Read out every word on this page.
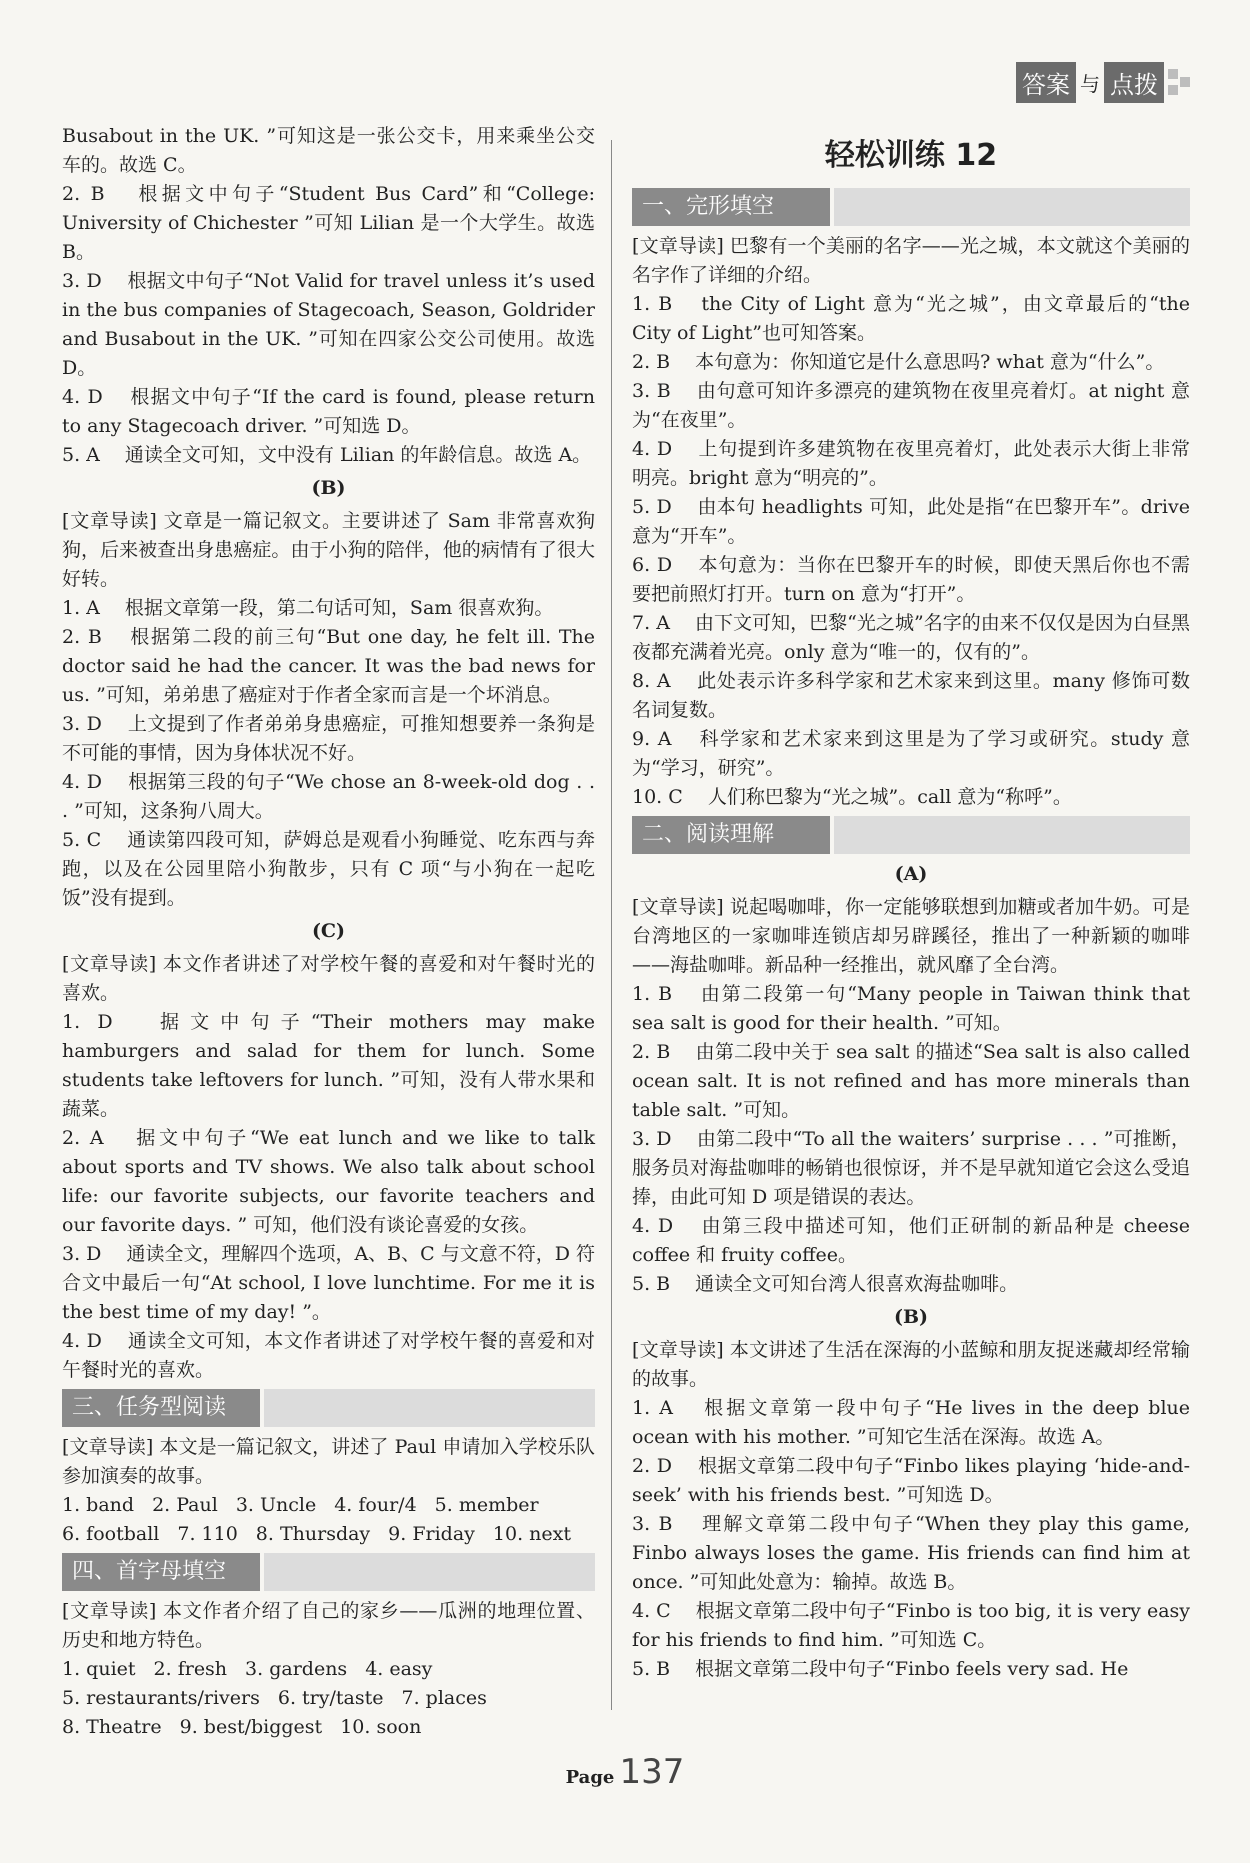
答案 与 点拨

Busabout in the UK. ”可知这是一张公交卡，用来乘坐公交车的。故选 C。

2. B 　根据文中句子“Student Bus Card”和“College: University of Chichester ”可知 Lilian 是一个大学生。故选 B。

3. D 　根据文中句子“Not Valid for travel unless it’s used in the bus companies of Stagecoach, Season, Goldrider and Busabout in the UK. ”可知在四家公交公司使用。故选 D。

4. D 　根据文中句子“If the card is found, please return to any Stagecoach driver. ”可知选 D。

5. A 　通读全文可知，文中没有 Lilian 的年龄信息。故选 A。

(B)

[文章导读] 文章是一篇记叙文。主要讲述了 Sam 非常喜欢狗狗，后来被查出身患癌症。由于小狗的陪伴，他的病情有了很大好转。

1. A 　根据文章第一段，第二句话可知，Sam 很喜欢狗。

2. B 　根据第二段的前三句“But one day, he felt ill. The doctor said he had the cancer. It was the bad news for us. ”可知，弟弟患了癌症对于作者全家而言是一个坏消息。

3. D 　上文提到了作者弟弟身患癌症，可推知想要养一条狗是不可能的事情，因为身体状况不好。

4. D 　根据第三段的句子“We chose an 8-week-old dog . . . ”可知，这条狗八周大。

5. C 　通读第四段可知，萨姆总是观看小狗睡觉、吃东西与奔跑，以及在公园里陪小狗散步，只有 C 项“与小狗在一起吃饭”没有提到。

(C)

[文章导读] 本文作者讲述了对学校午餐的喜爱和对午餐时光的喜欢。

1. D 　据文中句子“Their mothers may make hamburgers and salad for them for lunch. Some students take leftovers for lunch. ”可知，没有人带水果和蔬菜。

2. A 　据文中句子“We eat lunch and we like to talk about sports and TV shows. We also talk about school life: our favorite subjects, our favorite teachers and our favorite days. ” 可知，他们没有谈论喜爱的女孩。

3. D 　通读全文，理解四个选项，A、B、C 与文意不符，D 符合文中最后一句“At school, I love lunchtime. For me it is the best time of my day! ”。

4. D 　通读全文可知，本文作者讲述了对学校午餐的喜爱和对午餐时光的喜欢。

三、任务型阅读

[文章导读] 本文是一篇记叙文，讲述了 Paul 申请加入学校乐队参加演奏的故事。

1. band 2. Paul 3. Uncle 4. four/4 5. member
6. football 7. 110 8. Thursday 9. Friday 10. next
四、首字母填空

[文章导读] 本文作者介绍了自己的家乡——瓜洲的地理位置、历史和地方特色。

1. quiet 2. fresh 3. gardens 4. easy
5. restaurants/rivers 6. try/taste 7. places
8. Theatre 9. best/biggest 10. soon
轻松训练 12
一、完形填空

[文章导读] 巴黎有一个美丽的名字——光之城，本文就这个美丽的名字作了详细的介绍。

1. B 　the City of Light 意为“光之城”，由文章最后的“the City of Light”也可知答案。

2. B 　本句意为：你知道它是什么意思吗? what 意为“什么”。

3. B 　由句意可知许多漂亮的建筑物在夜里亮着灯。at night 意为“在夜里”。

4. D 　上句提到许多建筑物在夜里亮着灯，此处表示大街上非常明亮。bright 意为“明亮的”。

5. D 　由本句 headlights 可知，此处是指“在巴黎开车”。drive 意为“开车”。

6. D 　本句意为：当你在巴黎开车的时候，即使天黑后你也不需要把前照灯打开。turn on 意为“打开”。

7. A 　由下文可知，巴黎“光之城”名字的由来不仅仅是因为白昼黑夜都充满着光亮。only 意为“唯一的，仅有的”。

8. A 　此处表示许多科学家和艺术家来到这里。many 修饰可数名词复数。

9. A 　科学家和艺术家来到这里是为了学习或研究。study 意为“学习，研究”。

10. C 　人们称巴黎为“光之城”。call 意为“称呼”。

二、阅读理解
(A)

[文章导读] 说起喝咖啡，你一定能够联想到加糖或者加牛奶。可是台湾地区的一家咖啡连锁店却另辟蹊径，推出了一种新颖的咖啡——海盐咖啡。新品种一经推出，就风靡了全台湾。

1. B 　由第二段第一句“Many people in Taiwan think that sea salt is good for their health. ”可知。

2. B 　由第二段中关于 sea salt 的描述“Sea salt is also called ocean salt. It is not refined and has more minerals than table salt. ”可知。

3. D 　由第二段中“To all the waiters’ surprise . . . ”可推断，服务员对海盐咖啡的畅销也很惊讶，并不是早就知道它会这么受追捧，由此可知 D 项是错误的表达。

4. D 　由第三段中描述可知，他们正研制的新品种是 cheese coffee 和 fruity coffee。

5. B 　通读全文可知台湾人很喜欢海盐咖啡。

(B)

[文章导读] 本文讲述了生活在深海的小蓝鲸和朋友捉迷藏却经常输的故事。

1. A 　根据文章第一段中句子“He lives in the deep blue ocean with his mother. ”可知它生活在深海。故选 A。

2. D 　根据文章第二段中句子“Finbo likes playing ‘hide-and-seek’ with his friends best. ”可知选 D。

3. B 　理解文章第二段中句子“When they play this game, Finbo always loses the game. His friends can find him at once. ”可知此处意为：输掉。故选 B。

4. C 　根据文章第二段中句子“Finbo is too big, it is very easy for his friends to find him. ”可知选 C。

5. B 　根据文章第二段中句子“Finbo feels very sad. He

Page 137
